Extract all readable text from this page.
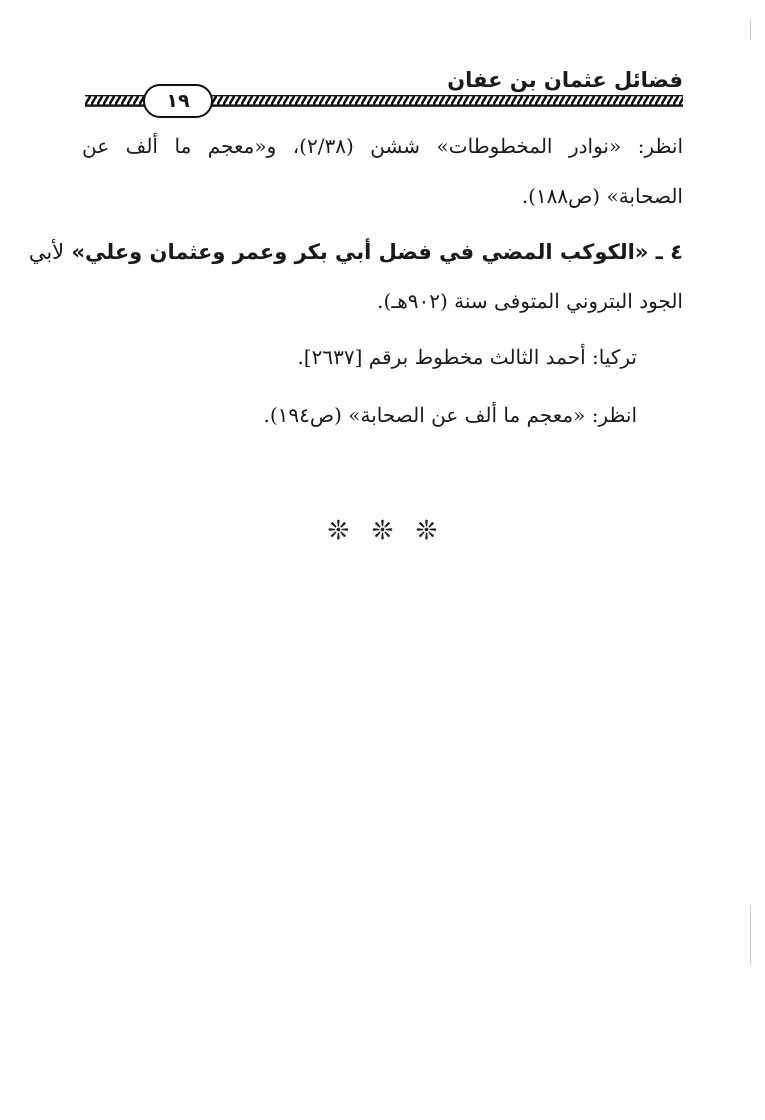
فضائل عثمان بن عفان
١٩
انظر: «نوادر المخطوطات» ششن (٢/٣٨)، و«معجم ما ألف عن
الصحابة» (ص١٨٨).
٤ ـ «الكوكب المضي في فضل أبي بكر وعمر وعثمان وعلي» لأبي
الجود البتروني المتوفى سنة (٩٠٢هـ).
تركيا: أحمد الثالث مخطوط برقم [٢٦٣٧].
انظر: «معجم ما ألف عن الصحابة» (ص١٩٤).
❊ ❊ ❊
